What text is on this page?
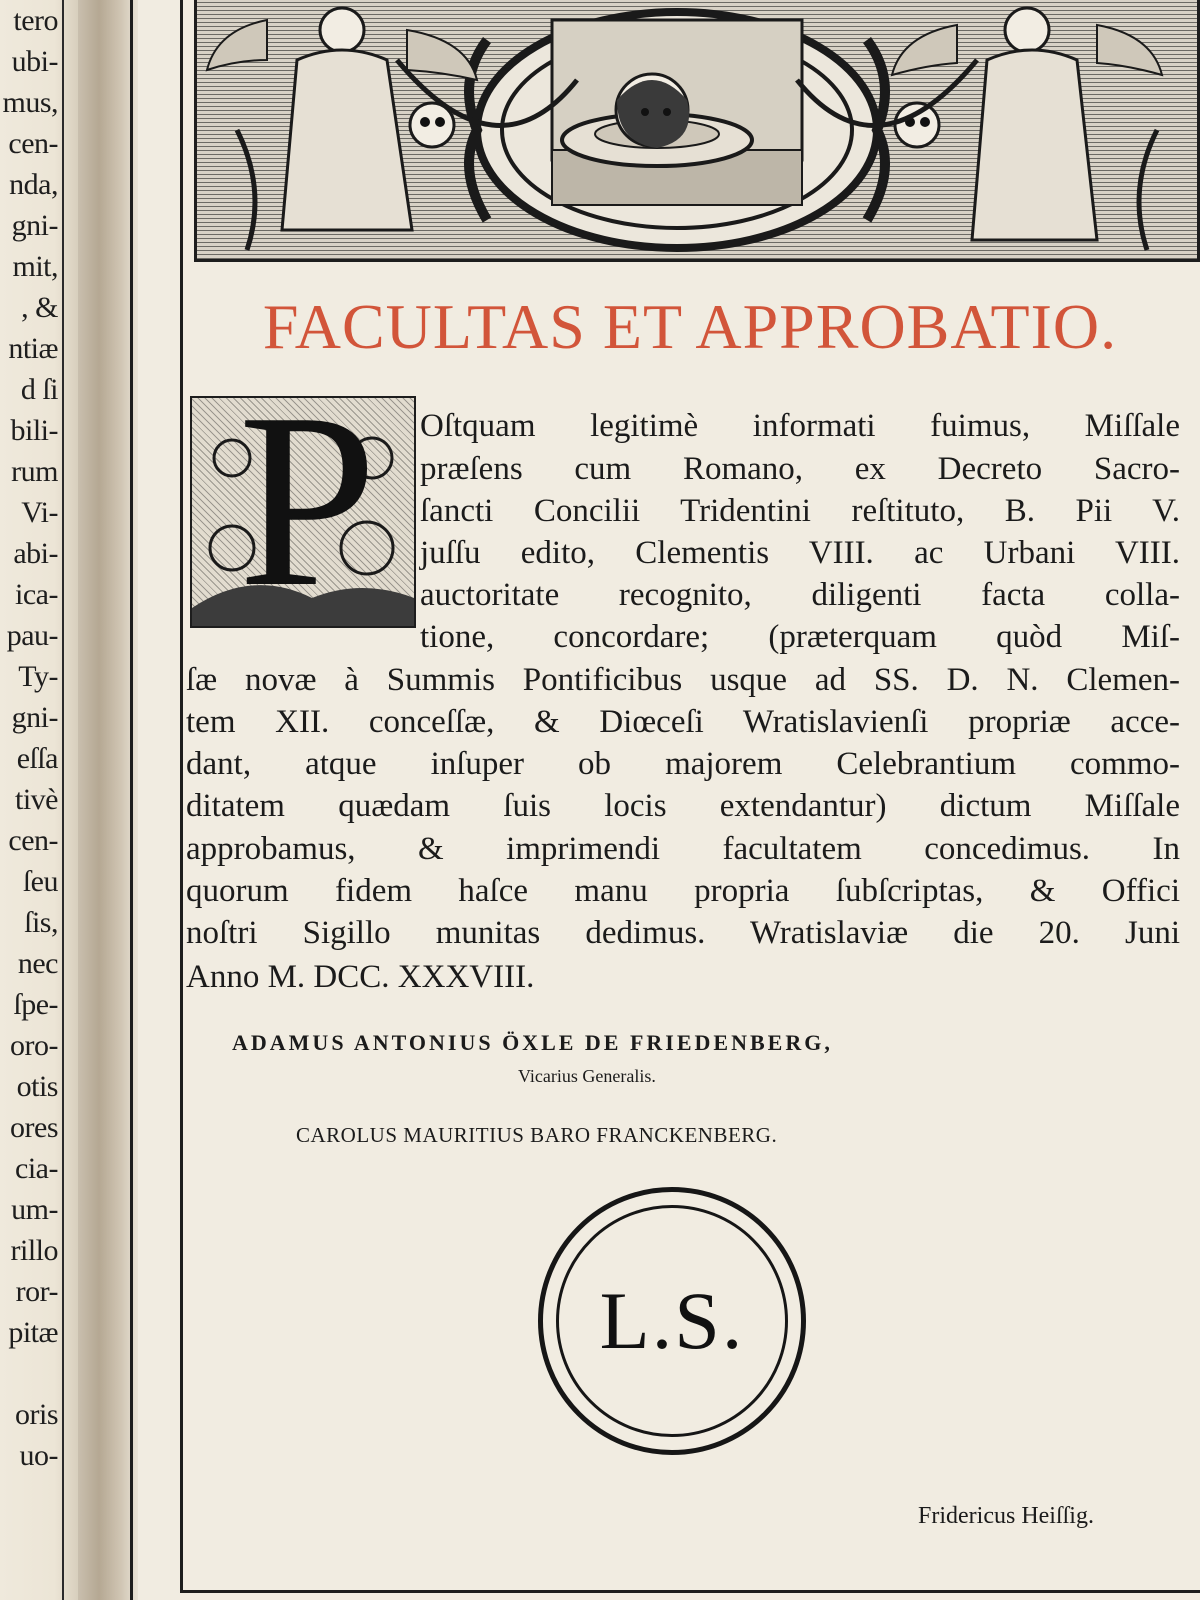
tero
ubi-
mus,
cen-
nda,
gni-
mit,
, &
ntiæ
d ſi
bili-
rum
Vi-
abi-
ica-
pau-
Ty-
gni-
eſſa
tivè
cen-
ſeu
ſis,
nec
ſpe-
oro-
otis
ores
cia-
um-
rillo
ror-
pitæ
oris
uo-
FACULTAS ET APPROBATIO.
P Oſtquam legitimè informati fuimus, Miſſale
præſens cum Romano, ex Decreto Sacro-
ſancti Concilii Tridentini reſtituto, B. Pii V.
juſſu edito, Clementis VIII. ac Urbani VIII.
auctoritate recognito, diligenti facta colla-
tione, concordare; (præterquam quòd Miſ-
ſæ novæ à Summis Pontificibus usque ad SS. D. N. Clemen-
tem XII. conceſſæ, & Diœceſi Wratislavienſi propriæ acce-
dant, atque inſuper ob majorem Celebrantium commo-
ditatem quædam ſuis locis extendantur) dictum Miſſale
approbamus, & imprimendi facultatem concedimus. In
quorum fidem haſce manu propria ſubſcriptas, & Offici
noſtri Sigillo munitas dedimus. Wratislaviæ die 20. Juni
Anno M. DCC. XXXVIII.
ADAMUS ANTONIUS ÖXLE DE FRIEDENBERG,
Vicarius Generalis.
CAROLUS MAURITIUS BARO FRANCKENBERG.
L.S.
Fridericus Heiſſig.
